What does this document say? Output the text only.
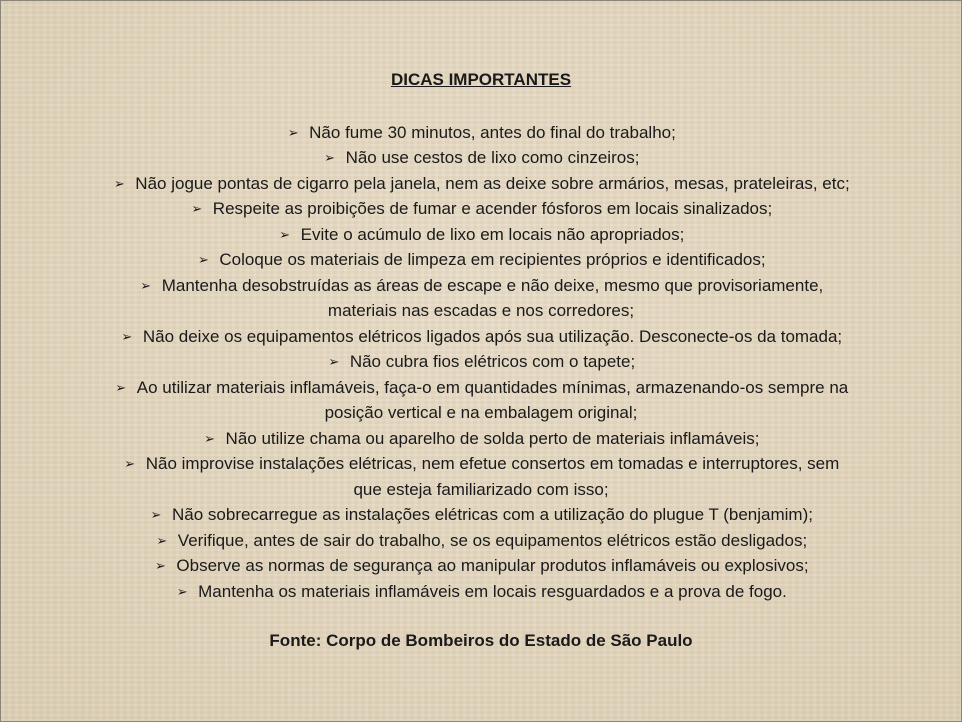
DICAS IMPORTANTES
➢ Não fume 30 minutos, antes do final do trabalho;
➢ Não use cestos de lixo como cinzeiros;
➢ Não jogue pontas de cigarro pela janela, nem as deixe sobre armários, mesas, prateleiras, etc;
➢ Respeite as proibições de fumar e acender fósforos em locais sinalizados;
➢ Evite o acúmulo de lixo em locais não apropriados;
➢ Coloque os materiais de limpeza em recipientes próprios e identificados;
➢ Mantenha desobstruídas as áreas de escape e não deixe, mesmo que provisoriamente,
materiais nas escadas e nos corredores;
➢ Não deixe os equipamentos elétricos ligados após sua utilização. Desconecte-os da tomada;
➢ Não cubra fios elétricos com o tapete;
➢ Ao utilizar materiais inflamáveis, faça-o em quantidades mínimas, armazenando-os sempre na
posição vertical e na embalagem original;
➢ Não utilize chama ou aparelho de solda perto de materiais inflamáveis;
➢ Não improvise instalações elétricas, nem efetue consertos em tomadas e interruptores, sem
que esteja familiarizado com isso;
➢ Não sobrecarregue as instalações elétricas com a utilização do plugue T (benjamim);
➢ Verifique, antes de sair do trabalho, se os equipamentos elétricos estão desligados;
➢ Observe as normas de segurança ao manipular produtos inflamáveis ou explosivos;
➢ Mantenha os materiais inflamáveis em locais resguardados e a prova de fogo.
Fonte: Corpo de Bombeiros do Estado de São Paulo
